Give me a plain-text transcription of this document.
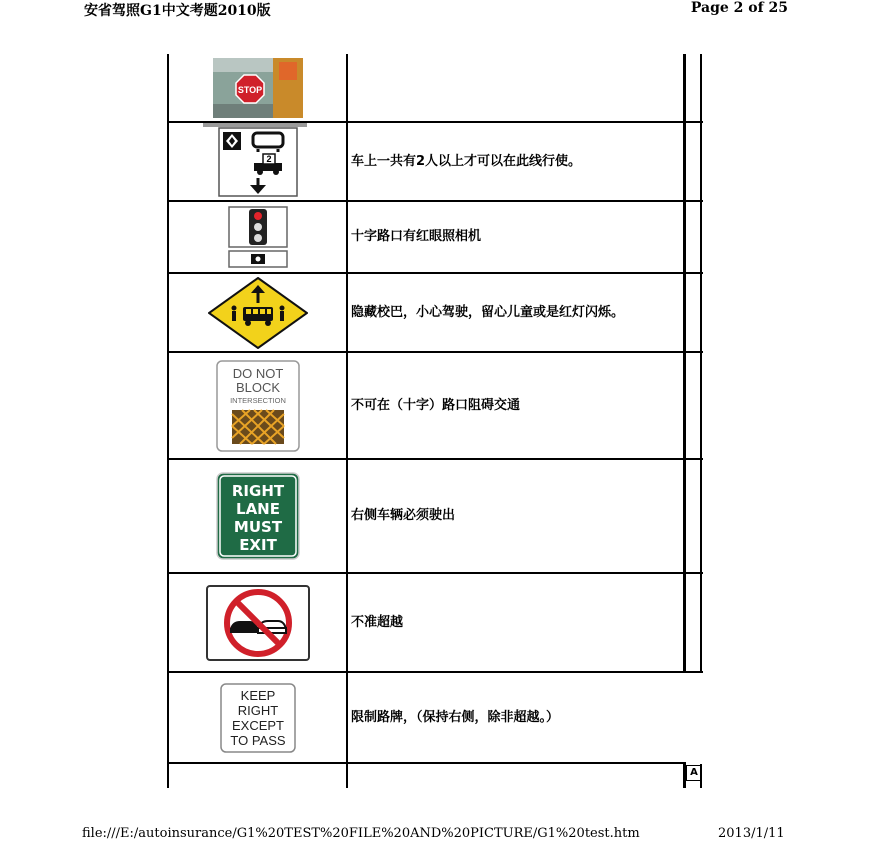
安省驾照G1中文考题2010版	Page 2 of 25
STOP
2	车上一共有2人以上才可以在此线行使。
十字路口有红眼照相机
隐藏校巴，小心驾驶，留心儿童或是红灯闪烁。
DO NOT
BLOCK
INTERSECTION	不可在（十字）路口阻碍交通
RIGHT
LANE
MUST
EXIT
右侧车辆必须驶出
不准超越
KEEP
RIGHT
EXCEPT
TO PASS
限制路牌，（保持右侧，除非超越。）
A
file:///E:/autoinsurance/G1%20TEST%20FILE%20AND%20PICTURE/G1%20test.htm	2013/1/11
